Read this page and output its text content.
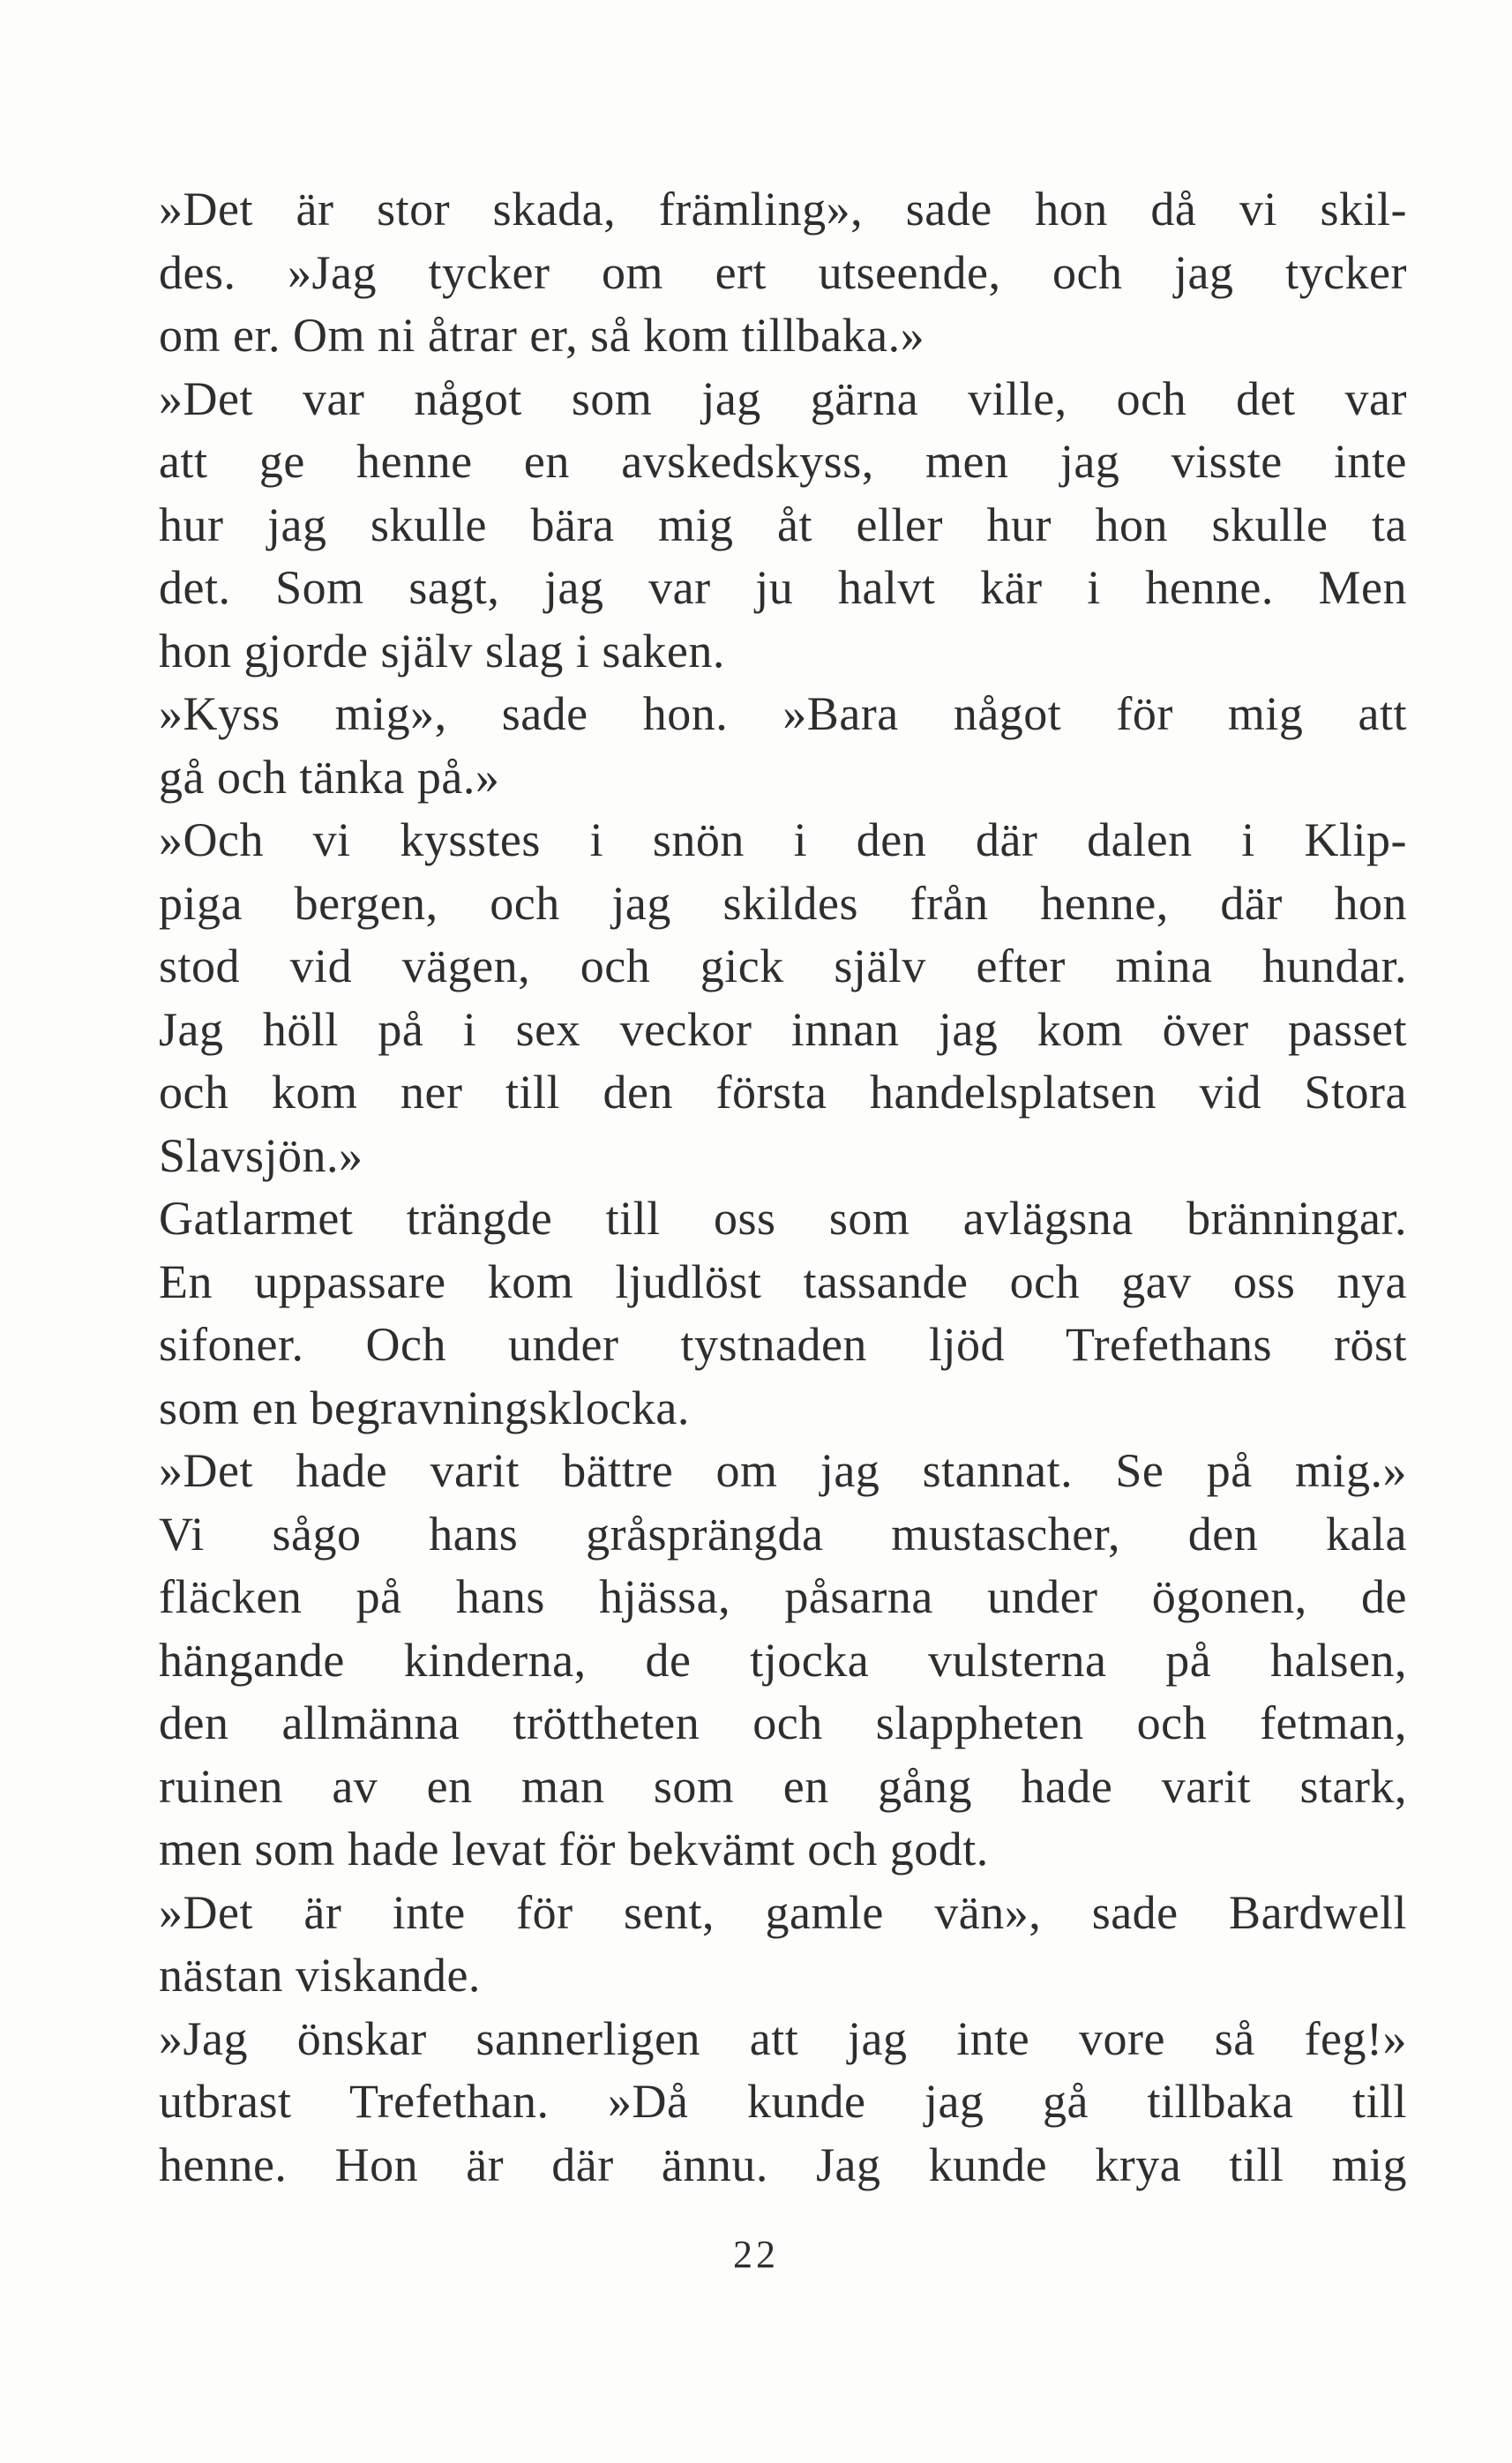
»Det är stor skada, främling», sade hon då vi skil-
des. »Jag tycker om ert utseende, och jag tycker
om er. Om ni åtrar er, så kom tillbaka.»
»Det var något som jag gärna ville, och det var
att ge henne en avskedskyss, men jag visste inte
hur jag skulle bära mig åt eller hur hon skulle ta
det. Som sagt, jag var ju halvt kär i henne. Men
hon gjorde själv slag i saken.
»Kyss mig», sade hon. »Bara något för mig att
gå och tänka på.»
»Och vi kysstes i snön i den där dalen i Klip-
piga bergen, och jag skildes från henne, där hon
stod vid vägen, och gick själv efter mina hundar.
Jag höll på i sex veckor innan jag kom över passet
och kom ner till den första handelsplatsen vid Stora
Slavsjön.»
Gatlarmet trängde till oss som avlägsna bränningar.
En uppassare kom ljudlöst tassande och gav oss nya
sifoner. Och under tystnaden ljöd Trefethans röst
som en begravningsklocka.
»Det hade varit bättre om jag stannat. Se på mig.»
Vi sågo hans gråsprängda mustascher, den kala
fläcken på hans hjässa, påsarna under ögonen, de
hängande kinderna, de tjocka vulsterna på halsen,
den allmänna tröttheten och slappheten och fetman,
ruinen av en man som en gång hade varit stark,
men som hade levat för bekvämt och godt.
»Det är inte för sent, gamle vän», sade Bardwell
nästan viskande.
»Jag önskar sannerligen att jag inte vore så feg!»
utbrast Trefethan. »Då kunde jag gå tillbaka till
henne. Hon är där ännu. Jag kunde krya till mig
22
